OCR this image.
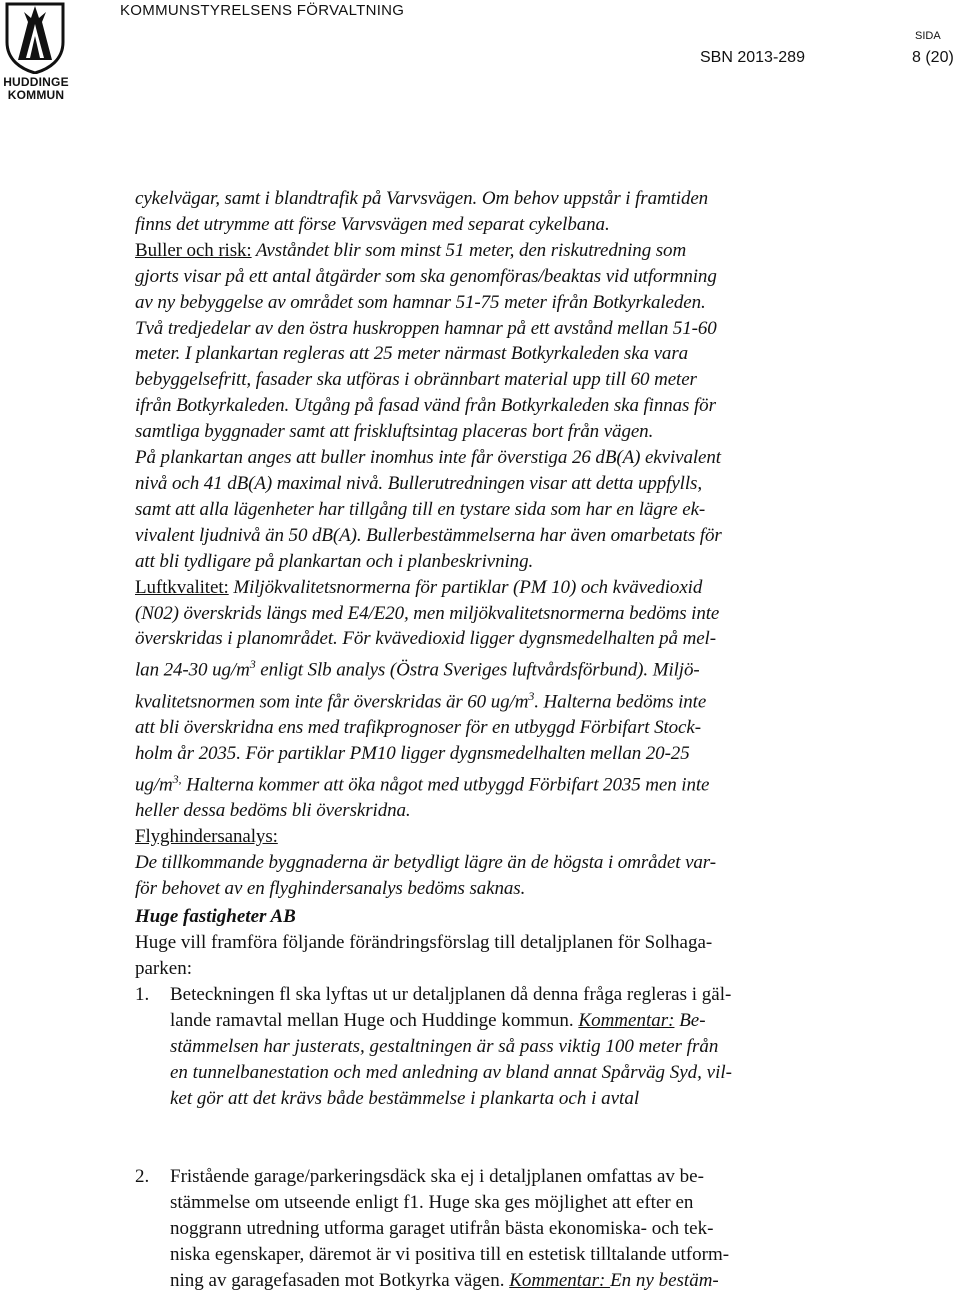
HUDDINGE
KOMMUN
KOMMUNSTYRELSENS FÖRVALTNING
SIDA
SBN 2013-289	8 (20)

cykelvägar, samt i blandtrafik på Varvsvägen. Om behov uppstår i framtiden

finns det utrymme att förse Varvsvägen med separat cykelbana.

Buller och risk: Avståndet blir som minst 51 meter, den riskutredning som

gjorts visar på ett antal åtgärder som ska genomföras/beaktas vid utformning

av ny bebyggelse av området som hamnar 51-75 meter ifrån Botkyrkaleden.

Två tredjedelar av den östra huskroppen hamnar på ett avstånd mellan 51-60

meter. I plankartan regleras att 25 meter närmast Botkyrkaleden ska vara

bebyggelsefritt, fasader ska utföras i obrännbart material upp till 60 meter

ifrån Botkyrkaleden. Utgång på fasad vänd från Botkyrkaleden ska finnas för

samtliga byggnader samt att friskluftsintag placeras bort från vägen.

På plankartan anges att buller inomhus inte får överstiga 26 dB(A) ekvivalent

nivå och 41 dB(A) maximal nivå. Bullerutredningen visar att detta uppfylls,

samt att alla lägenheter har tillgång till en tystare sida som har en lägre ek-

vivalent ljudnivå än 50 dB(A). Bullerbestämmelserna har även omarbetats för

att bli tydligare på plankartan och i planbeskrivning.

Luftkvalitet: Miljökvalitetsnormerna för partiklar (PM 10) och kvävedioxid

(N02) överskrids längs med E4/E20, men miljökvalitetsnormerna bedöms inte

överskridas i planområdet. För kvävedioxid ligger dygnsmedelhalten på mel-

lan 24-30 $ug/m^3$ enligt Slb analys (Östra Sveriges luftvårdsförbund). Miljö-

kvalitetsnormen som inte får överskridas är 60 $ug/m^3$. Halterna bedöms inte

att bli överskridna ens med trafikprognoser för en utbyggd Förbifart Stock-

holm år 2035. För partiklar PM10 ligger dygnsmedelhalten mellan 20-25

$ug/m^{3,}$ Halterna kommer att öka något med utbyggd Förbifart 2035 men inte

heller dessa bedöms bli överskridna.

Flyghindersanalys:

De tillkommande byggnaderna är betydligt lägre än de högsta i området var-

för behovet av en flyghindersanalys bedöms saknas.

Huge fastigheter AB

Huge vill framföra följande förändringsförslag till detaljplanen för Solhaga-
parken:

1. Beteckningen fl ska lyftas ut ur detaljplanen då denna fråga regleras i gäl-
lande ramavtal mellan Huge och Huddinge kommun. Kommentar: Be-
stämmelsen har justerats, gestaltningen är så pass viktig 100 meter från
en tunnelbanestation och med anledning av bland annat Spårväg Syd, vil-
ket gör att det krävs både bestämmelse i plankarta och i avtal
2. Fristående garage/parkeringsdäck ska ej i detaljplanen omfattas av be-
stämmelse om utseende enligt f1. Huge ska ges möjlighet att efter en
noggrann utredning utforma garaget utifrån bästa ekonomiska- och tek-
niska egenskaper, däremot är vi positiva till en estetisk tilltalande utform-
ning av garagefasaden mot Botkyrka vägen. Kommentar: En ny bestäm-
